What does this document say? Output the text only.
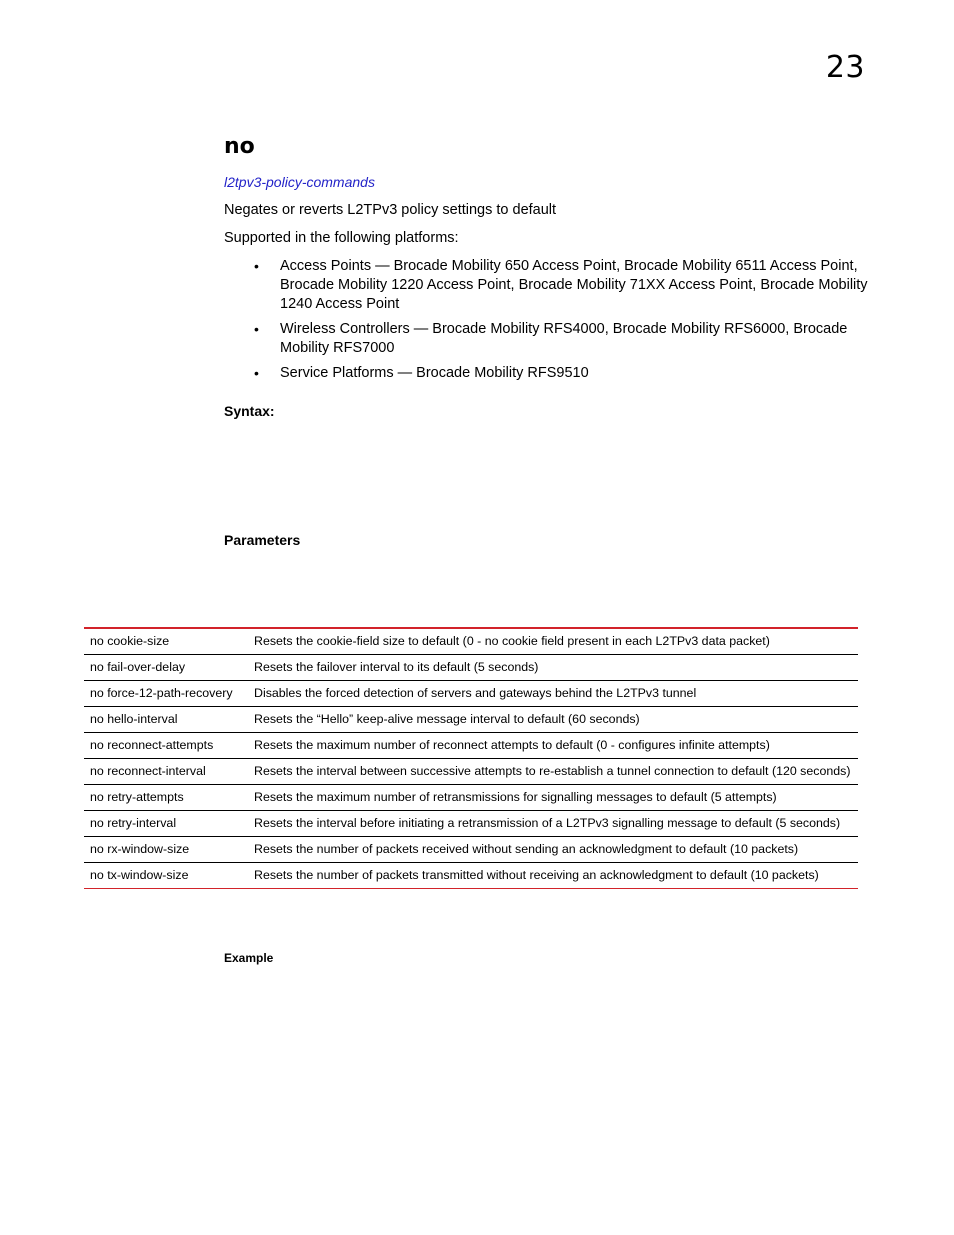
23
no
l2tpv3-policy-commands
Negates or reverts L2TPv3 policy settings to default
Supported in the following platforms:
• Access Points — Brocade Mobility 650 Access Point, Brocade Mobility 6511 Access Point, Brocade Mobility 1220 Access Point, Brocade Mobility 71XX Access Point, Brocade Mobility 1240 Access Point
• Wireless Controllers — Brocade Mobility RFS4000, Brocade Mobility RFS6000, Brocade Mobility RFS7000
• Service Platforms — Brocade Mobility RFS9510
Syntax:
Parameters
no cookie-size	Resets the cookie-field size to default (0 - no cookie field present in each L2TPv3 data packet)
no fail-over-delay	Resets the failover interval to its default (5 seconds)
no force-12-path-recovery	Disables the forced detection of servers and gateways behind the L2TPv3 tunnel
no hello-interval	Resets the “Hello” keep-alive message interval to default (60 seconds)
no reconnect-attempts	Resets the maximum number of reconnect attempts to default (0 - configures infinite attempts)
no reconnect-interval	Resets the interval between successive attempts to re-establish a tunnel connection to default (120 seconds)
no retry-attempts	Resets the maximum number of retransmissions for signalling messages to default (5 attempts)
no retry-interval	Resets the interval before initiating a retransmission of a L2TPv3 signalling message to default (5 seconds)
no rx-window-size	Resets the number of packets received without sending an acknowledgment to default (10 packets)
no tx-window-size	Resets the number of packets transmitted without receiving an acknowledgment to default (10 packets)
Example
